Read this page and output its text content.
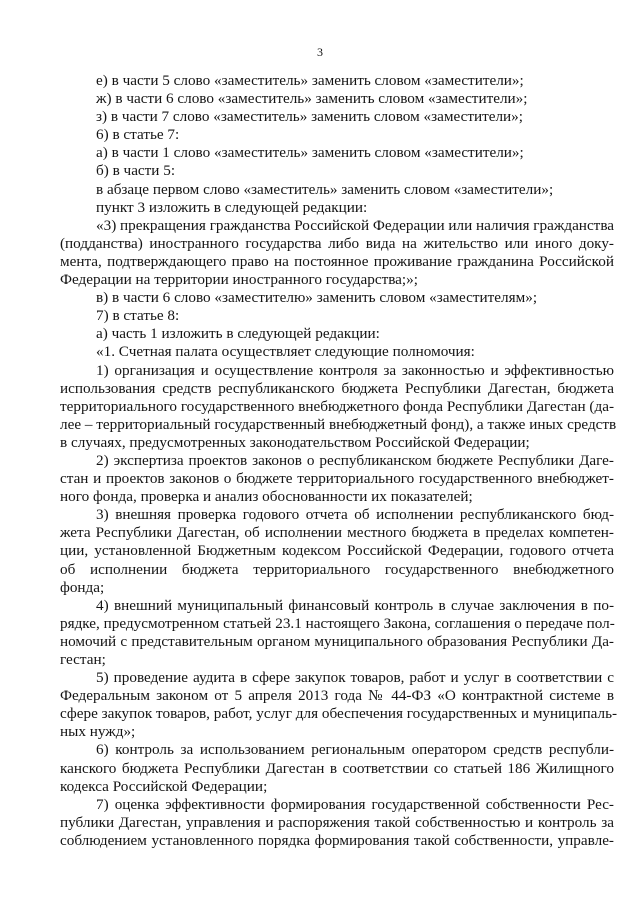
3
е) в части 5 слово «заместитель» заменить словом «заместители»;
ж) в части 6 слово «заместитель» заменить словом «заместители»;
з) в части 7 слово «заместитель» заменить словом «заместители»;
6) в статье 7:
а) в части 1 слово «заместитель» заменить словом «заместители»;
б) в части 5:
в абзаце первом слово «заместитель» заменить словом «заместители»;
пункт 3 изложить в следующей редакции:
«3) прекращения гражданства Российской Федерации или наличия гражданства
(подданства) иностранного государства либо вида на жительство или иного доку-
мента, подтверждающего право на постоянное проживание гражданина Российской
Федерации на территории иностранного государства;»;
в) в части 6 слово «заместителю» заменить словом «заместителям»;
7) в статье 8:
а) часть 1 изложить в следующей редакции:
«1. Счетная палата осуществляет следующие полномочия:
1) организация и осуществление контроля за законностью и эффективностью
использования средств республиканского бюджета Республики Дагестан, бюджета
территориального государственного внебюджетного фонда Республики Дагестан (да-
лее – территориальный государственный внебюджетный фонд), а также иных средств
в случаях, предусмотренных законодательством Российской Федерации;
2) экспертиза проектов законов о республиканском бюджете Республики Даге-
стан и проектов законов о бюджете территориального государственного внебюджет-
ного фонда, проверка и анализ обоснованности их показателей;
3) внешняя проверка годового отчета об исполнении республиканского бюд-
жета Республики Дагестан, об исполнении местного бюджета в пределах компетен-
ции, установленной Бюджетным кодексом Российской Федерации, годового отчета
об исполнении бюджета территориального государственного внебюджетного
фонда;
4) внешний муниципальный финансовый контроль в случае заключения в по-
рядке, предусмотренном статьей 23.1 настоящего Закона, соглашения о передаче пол-
номочий с представительным органом муниципального образования Республики Да-
гестан;
5) проведение аудита в сфере закупок товаров, работ и услуг в соответствии с
Федеральным законом от 5 апреля 2013 года № 44-ФЗ «О контрактной системе в
сфере закупок товаров, работ, услуг для обеспечения государственных и муниципаль-
ных нужд»;
6) контроль за использованием региональным оператором средств республи-
канского бюджета Республики Дагестан в соответствии со статьей 186 Жилищного
кодекса Российской Федерации;
7) оценка эффективности формирования государственной собственности Рес-
публики Дагестан, управления и распоряжения такой собственностью и контроль за
соблюдением установленного порядка формирования такой собственности, управле-
